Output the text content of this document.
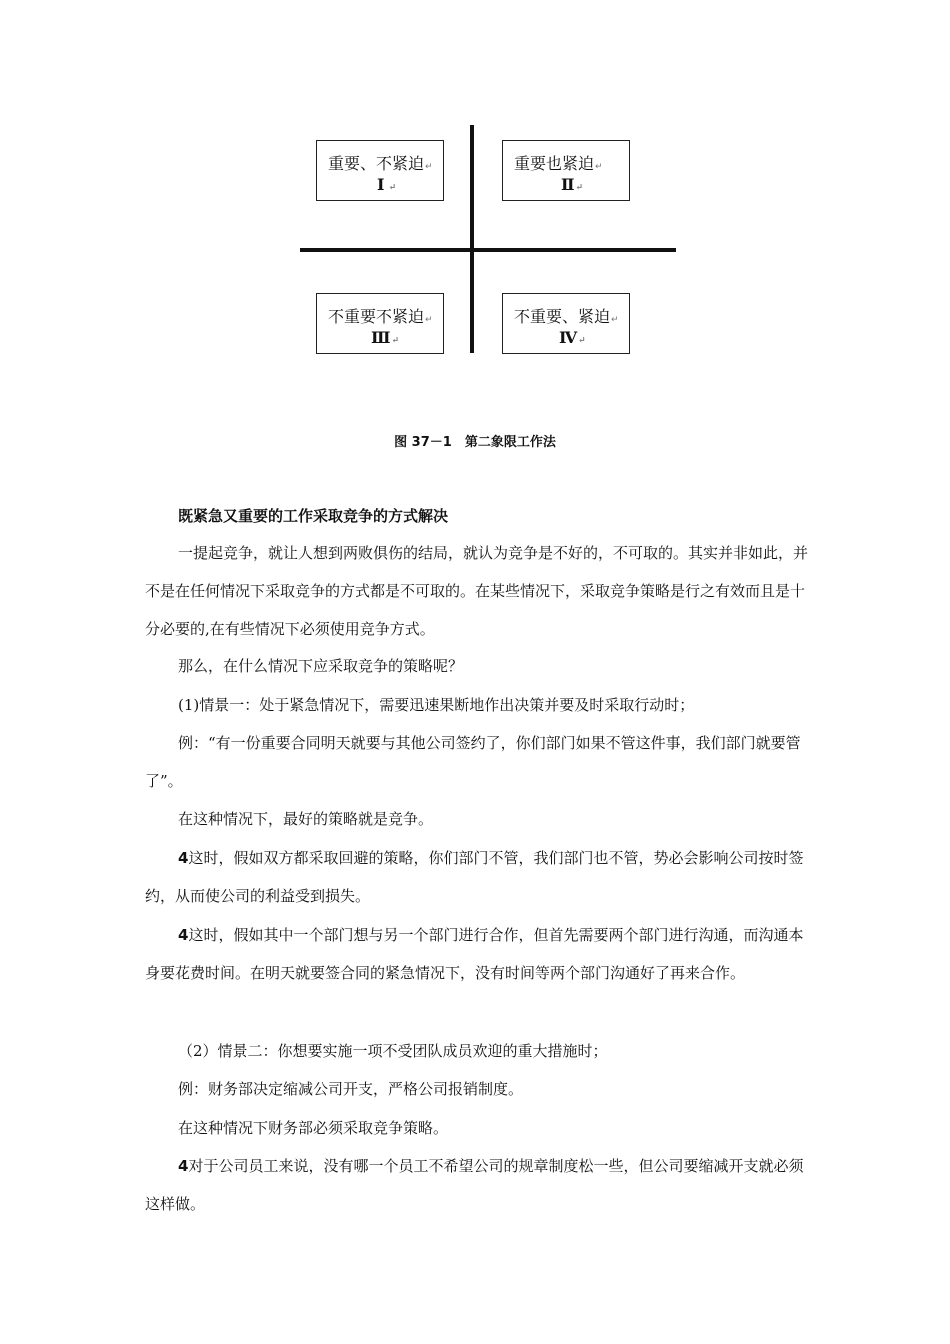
重要、不紧迫↵
Ⅰ ↵
重要也紧迫↵
Ⅱ↵
不重要不紧迫↵
Ⅲ↵
不重要、紧迫↵
Ⅳ↵
图 37－1　第二象限工作法
既紧急又重要的工作采取竞争的方式解决

一提起竞争，就让人想到两败俱伤的结局，就认为竞争是不好的，不可取的。其实并非如此，并不是在任何情况下采取竞争的方式都是不可取的。在某些情况下，采取竞争策略是行之有效而且是十分必要的,在有些情况下必须使用竞争方式。

那么，在什么情况下应采取竞争的策略呢？
(1)情景一：处于紧急情况下，需要迅速果断地作出决策并要及时采取行动时；

例：“有一份重要合同明天就要与其他公司签约了，你们部门如果不管这件事，我们部门就要管了”。

在这种情况下，最好的策略就是竞争。

4这时，假如双方都采取回避的策略，你们部门不管，我们部门也不管，势必会影响公司按时签约，从而使公司的利益受到损失。

4这时，假如其中一个部门想与另一个部门进行合作，但首先需要两个部门进行沟通，而沟通本身要花费时间。在明天就要签合同的紧急情况下，没有时间等两个部门沟通好了再来合作。

（2）情景二：你想要实施一项不受团队成员欢迎的重大措施时；
例：财务部决定缩减公司开支，严格公司报销制度。
在这种情况下财务部必须采取竞争策略。

4对于公司员工来说，没有哪一个员工不希望公司的规章制度松一些，但公司要缩减开支就必须这样做。
